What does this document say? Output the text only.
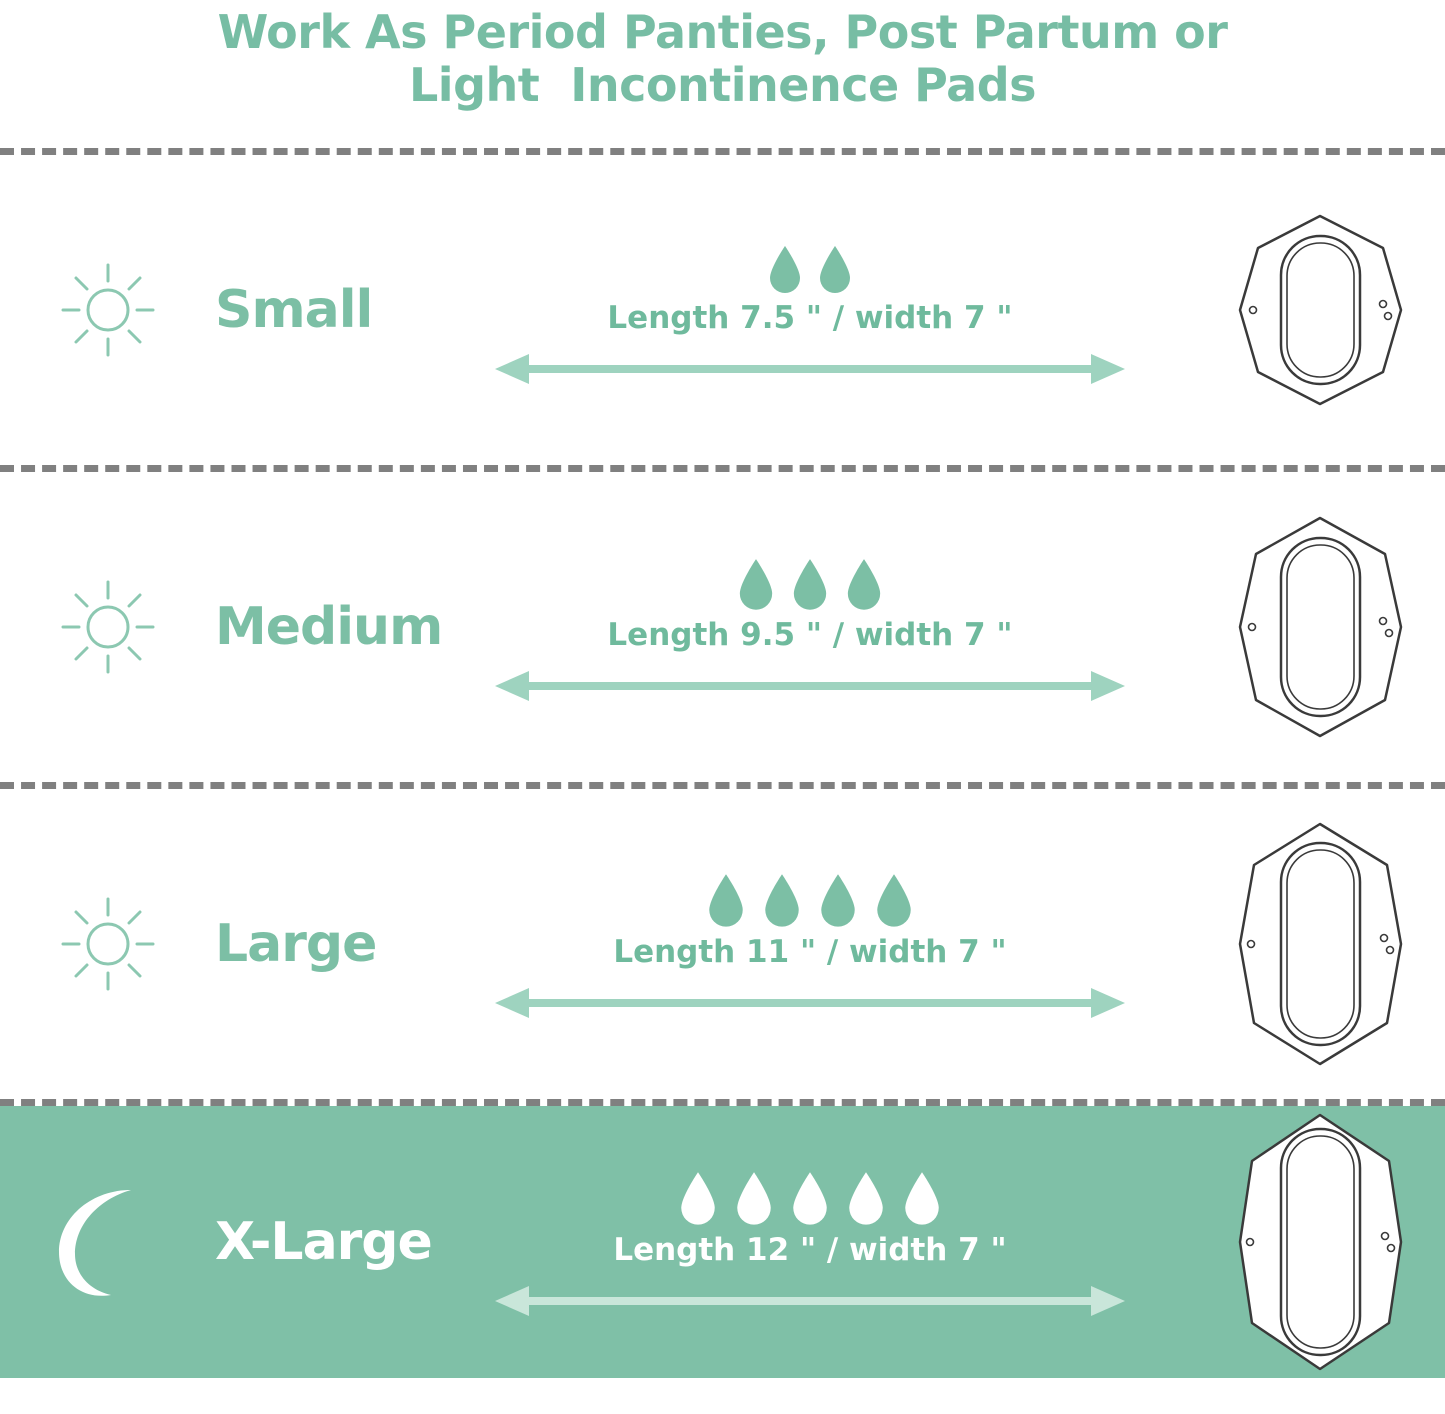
Work As Period Panties, Post Partum or
Light  Incontinence Pads
Small	Length 7.5 " / width 7 "
Medium	Length 9.5 " / width 7 "
Large	Length 11 " / width 7 "
X-Large	Length 12 " / width 7 "
